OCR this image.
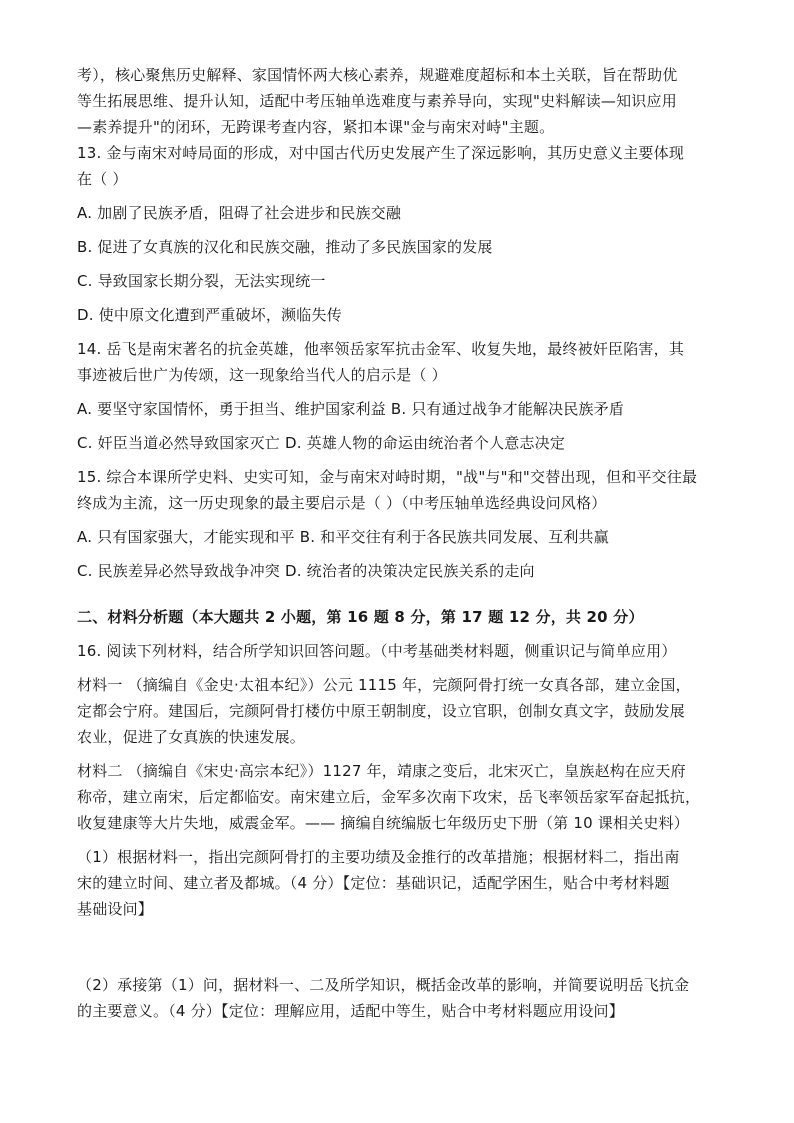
考），核心聚焦历史解释、家国情怀两大核心素养，规避难度超标和本土关联，旨在帮助优

等生拓展思维、提升认知，适配中考压轴单选难度与素养导向，实现"史料解读—知识应用

—素养提升"的闭环，无跨课考查内容，紧扣本课"金与南宋对峙"主题。

13. 金与南宋对峙局面的形成，对中国古代历史发展产生了深远影响，其历史意义主要体现

在（ ）

A. 加剧了民族矛盾，阻碍了社会进步和民族交融

B. 促进了女真族的汉化和民族交融，推动了多民族国家的发展

C. 导致国家长期分裂，无法实现统一

D. 使中原文化遭到严重破坏，濒临失传

14. 岳飞是南宋著名的抗金英雄，他率领岳家军抗击金军、收复失地，最终被奸臣陷害，其

事迹被后世广为传颂，这一现象给当代人的启示是（ ）

A. 要坚守家国情怀，勇于担当、维护国家利益 B. 只有通过战争才能解决民族矛盾

C. 奸臣当道必然导致国家灭亡 D. 英雄人物的命运由统治者个人意志决定

15. 综合本课所学史料、史实可知，金与南宋对峙时期，"战"与"和"交替出现，但和平交往最

终成为主流，这一历史现象的最主要启示是（ ）（中考压轴单选经典设问风格）

A. 只有国家强大，才能实现和平 B. 和平交往有利于各民族共同发展、互利共赢

C. 民族差异必然导致战争冲突 D. 统治者的决策决定民族关系的走向

二、材料分析题（本大题共 2 小题，第 16 题 8 分，第 17 题 12 分，共 20 分）

16. 阅读下列材料，结合所学知识回答问题。（中考基础类材料题，侧重识记与简单应用）

材料一 （摘编自《金史·太祖本纪》）公元 1115 年，完颜阿骨打统一女真各部，建立金国，

定都会宁府。建国后，完颜阿骨打楼仿中原王朝制度，设立官职，创制女真文字，鼓励发展

农业，促进了女真族的快速发展。

材料二 （摘编自《宋史·高宗本纪》）1127 年，靖康之变后，北宋灭亡，皇族赵构在应天府

称帝，建立南宋，后定都临安。南宋建立后，金军多次南下攻宋，岳飞率领岳家军奋起抵抗，

收复建康等大片失地，威震金军。—— 摘编自统编版七年级历史下册（第 10 课相关史料）

（1）根据材料一，指出完颜阿骨打的主要功绩及金推行的改革措施；根据材料二，指出南

宋的建立时间、建立者及都城。（4 分）【定位：基础识记，适配学困生，贴合中考材料题

基础设问】

（2）承接第（1）问，据材料一、二及所学知识，概括金改革的影响，并简要说明岳飞抗金

的主要意义。（4 分）【定位：理解应用，适配中等生，贴合中考材料题应用设问】
